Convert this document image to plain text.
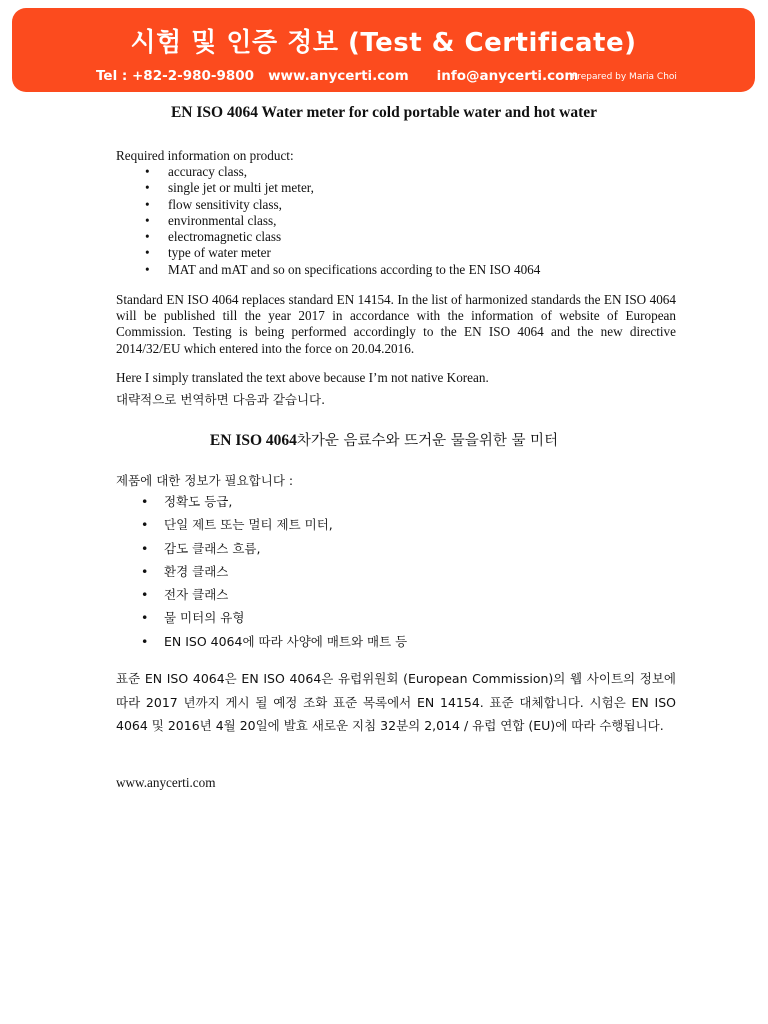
시험 및 인증 정보 (Test & Certificate)
Tel : +82-2-980-9800 www.anycerti.com info@anycerti.com
Prepared by Maria Choi
EN ISO 4064 Water meter for cold portable water and hot water
Required information on product:
• accuracy class,
• single jet or multi jet meter,
• flow sensitivity class,
• environmental class,
• electromagnetic class
• type of water meter
• MAT and mAT and so on specifications according to the EN ISO 4064
Standard EN ISO 4064 replaces standard EN 14154. In the list of harmonized standards the EN ISO 4064 will be published till the year 2017 in accordance with the information of website of European Commission. Testing is being performed accordingly to the EN ISO 4064 and the new directive 2014/32/EU which entered into the force on 20.04.2016.
Here I simply translated the text above because I’m not native Korean.
대략적으로 번역하면 다음과 같습니다.
EN ISO 4064차가운 음료수와 뜨거운 물을위한 물 미터
제품에 대한 정보가 필요합니다 :
• 정확도 등급,
• 단일 제트 또는 멀티 제트 미터,
• 감도 클래스 흐름,
• 환경 클래스
• 전자 클래스
• 물 미터의 유형
• EN ISO 4064에 따라 사양에 매트와 매트 등
표준 EN ISO 4064은 EN ISO 4064은 유럽위원회 (European Commission)의 웹 사이트의 정보에 따라 2017 년까지 게시 될 예정 조화 표준 목록에서 EN 14154. 표준 대체합니다. 시험은 EN ISO 4064 및 2016년 4월 20일에 발효 새로운 지침 32분의 2,014 / 유럽 연합 (EU)에 따라 수행됩니다.
www.anycerti.com
